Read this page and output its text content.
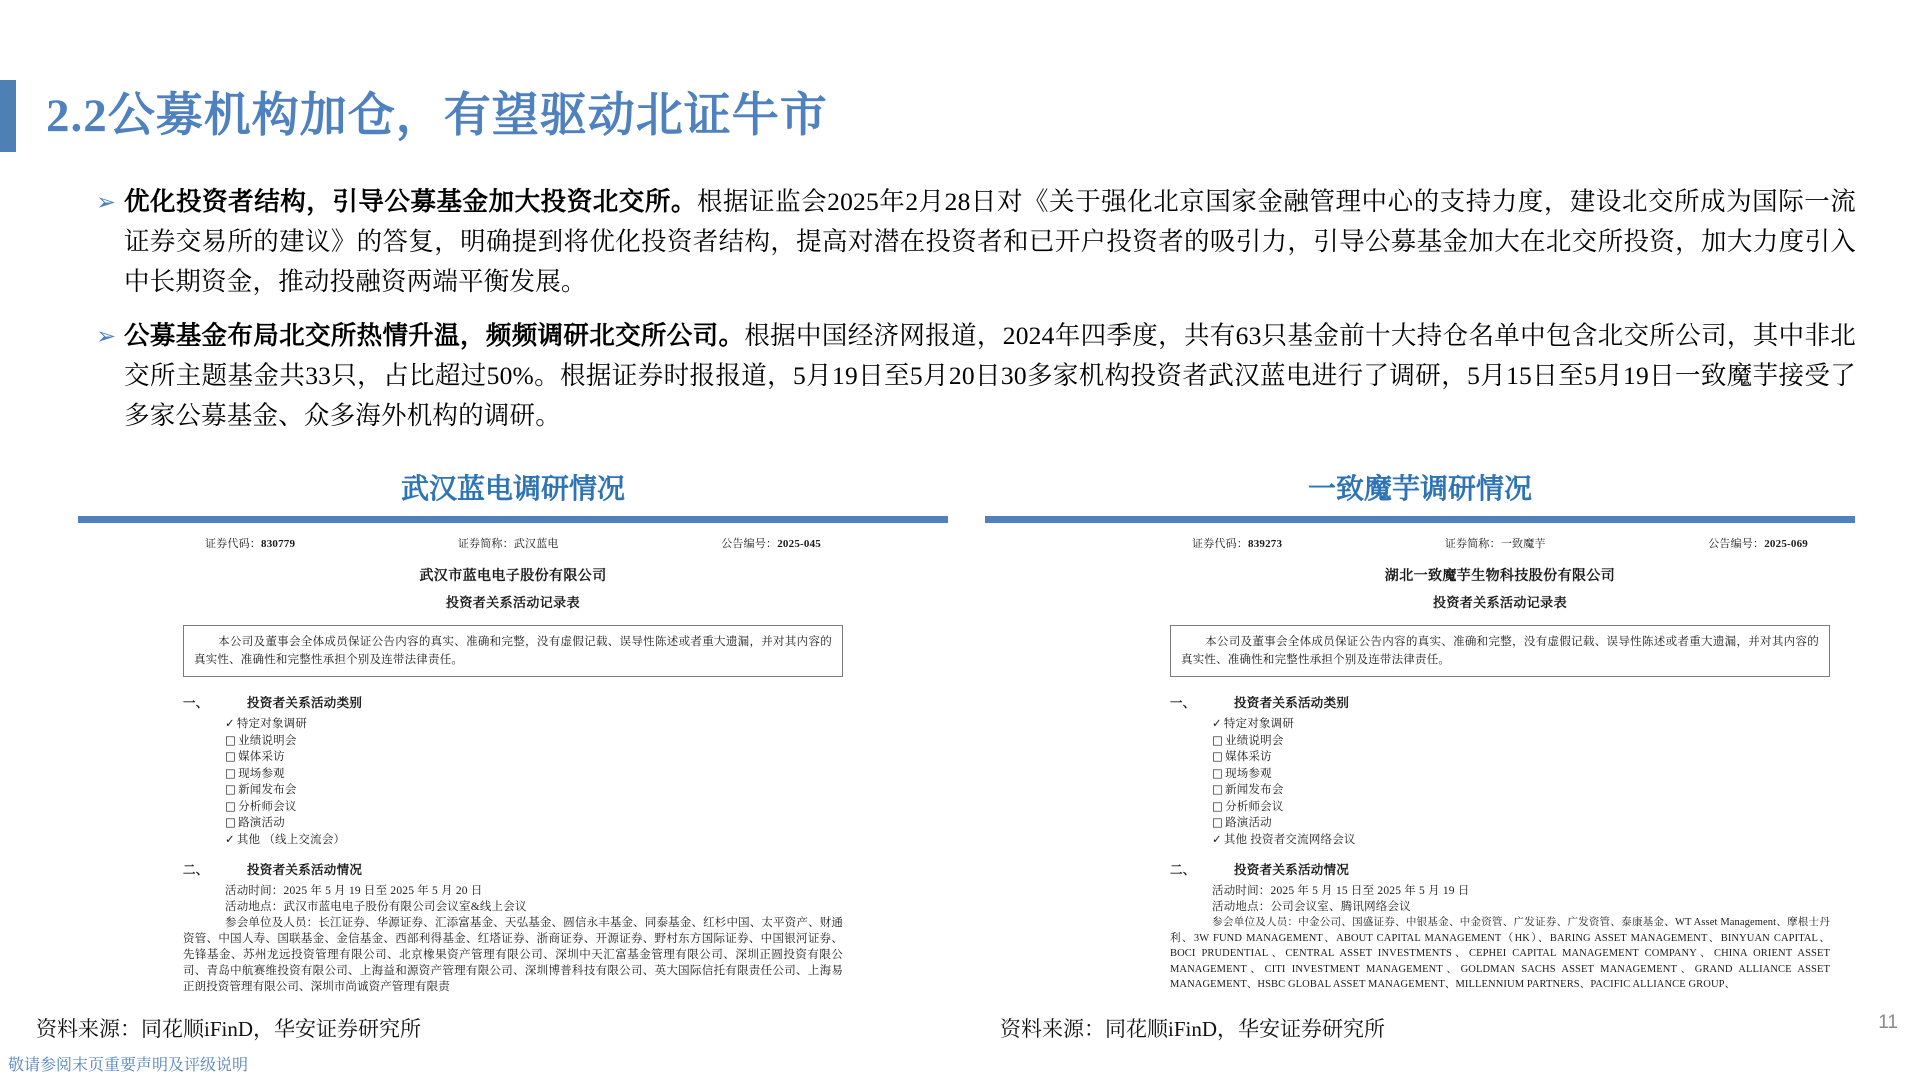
2.2公募机构加仓，有望驱动北证牛市
➢ 优化投资者结构，引导公募基金加大投资北交所。根据证监会2025年2月28日对《关于强化北京国家金融管理中心的支持力度，建设北交所成为国际一流证券交易所的建议》的答复，明确提到将优化投资者结构，提高对潜在投资者和已开户投资者的吸引力，引导公募基金加大在北交所投资，加大力度引入中长期资金，推动投融资两端平衡发展。
➢ 公募基金布局北交所热情升温，频频调研北交所公司。根据中国经济网报道，2024年四季度，共有63只基金前十大持仓名单中包含北交所公司，其中非北交所主题基金共33只，占比超过50%。根据证券时报报道，5月19日至5月20日30多家机构投资者武汉蓝电进行了调研，5月15日至5月19日一致魔芋接受了多家公募基金、众多海外机构的调研。
武汉蓝电调研情况
证券代码：830779	证券简称：武汉蓝电	公告编号：2025-045
武汉市蓝电电子股份有限公司
投资者关系活动记录表
本公司及董事会全体成员保证公告内容的真实、准确和完整，没有虚假记载、误导性陈述或者重大遗漏，并对其内容的真实性、准确性和完整性承担个别及连带法律责任。
一、	投资者关系活动类别
✓ 特定对象调研
□ 业绩说明会
□ 媒体采访
□ 现场参观
□ 新闻发布会
□ 分析师会议
□ 路演活动
✓ 其他 （线上交流会）
二、	投资者关系活动情况
活动时间：2025 年 5 月 19 日至 2025 年 5 月 20 日
活动地点：武汉市蓝电电子股份有限公司会议室&线上会议
参会单位及人员：长江证券、华源证券、汇添富基金、天弘基金、圆信永丰基金、同泰基金、红杉中国、太平资产、财通资管、中国人寿、国联基金、金信基金、西部利得基金、红塔证券、浙商证券、开源证券、野村东方国际证券、中国银河证券、先锋基金、苏州龙远投资管理有限公司、北京橡果资产管理有限公司、深圳中天汇富基金管理有限公司、深圳正圆投资有限公司、青岛中航赛维投资有限公司、上海益和源资产管理有限公司、深圳博普科技有限公司、英大国际信托有限责任公司、上海易正朗投资管理有限公司、深圳市尚诚资产管理有限责
一致魔芋调研情况
证券代码：839273	证券简称：一致魔芋	公告编号：2025-069
湖北一致魔芋生物科技股份有限公司
投资者关系活动记录表
本公司及董事会全体成员保证公告内容的真实、准确和完整，没有虚假记载、误导性陈述或者重大遗漏，并对其内容的真实性、准确性和完整性承担个别及连带法律责任。
一、	投资者关系活动类别
✓ 特定对象调研
□ 业绩说明会
□ 媒体采访
□ 现场参观
□ 新闻发布会
□ 分析师会议
□ 路演活动
✓ 其他 投资者交流网络会议
二、	投资者关系活动情况
活动时间：2025 年 5 月 15 日至 2025 年 5 月 19 日
活动地点：公司会议室、腾讯网络会议
参会单位及人员：中金公司、国盛证券、中银基金、中金资管、广发证券、广发资管、泰康基金、WT Asset Management、摩根士丹利、3W FUND MANAGEMENT、ABOUT CAPITAL MANAGEMENT（HK）、BARING ASSET MANAGEMENT、BINYUAN CAPITAL、BOCI PRUDENTIAL、CENTRAL ASSET INVESTMENTS、CEPHEI CAPITAL MANAGEMENT COMPANY、CHINA ORIENT ASSET MANAGEMENT、CITI INVESTMENT MANAGEMENT、GOLDMAN SACHS ASSET MANAGEMENT、GRAND ALLIANCE ASSET MANAGEMENT、HSBC GLOBAL ASSET MANAGEMENT、MILLENNIUM PARTNERS、PACIFIC ALLIANCE GROUP、
资料来源：同花顺iFinD，华安证券研究所	资料来源：同花顺iFinD，华安证券研究所
敬请参阅末页重要声明及评级说明
11
